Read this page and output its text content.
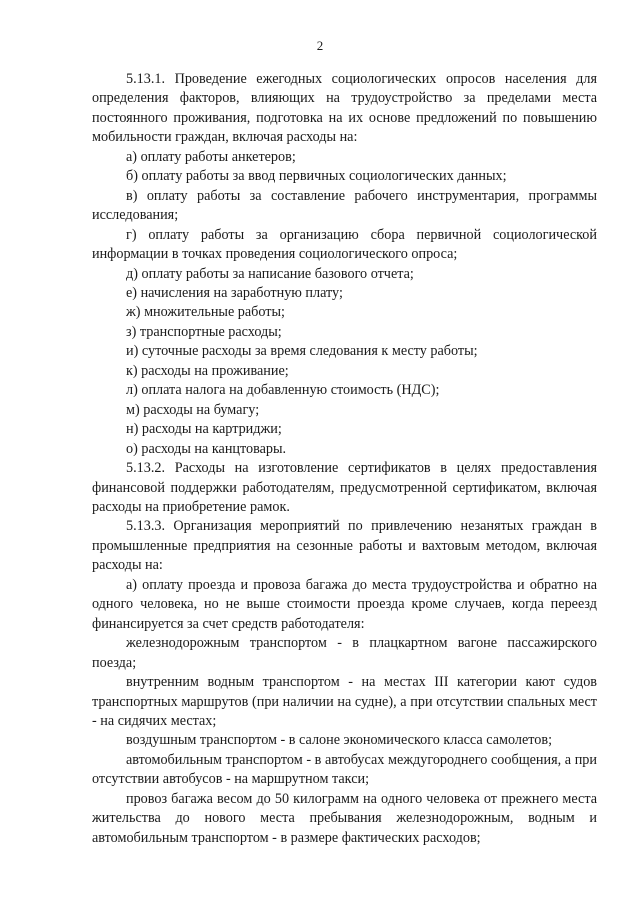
2

5.13.1. Проведение ежегодных социологических опросов населения для определения факторов, влияющих на трудоустройство за пределами места постоянного проживания, подготовка на их основе предложений по повышению мобильности граждан, включая расходы на:

а) оплату работы анкетеров;

б) оплату работы за ввод первичных социологических данных;

в) оплату работы за составление рабочего инструментария, программы исследования;

г) оплату работы за организацию сбора первичной социологической информации в точках проведения социологического опроса;

д) оплату работы за написание базового отчета;

е) начисления на заработную плату;

ж) множительные работы;

з) транспортные расходы;

и) суточные расходы за время следования к месту работы;

к) расходы на проживание;

л) оплата налога на добавленную стоимость (НДС);

м) расходы на бумагу;

н) расходы на картриджи;

о) расходы на канцтовары.

5.13.2. Расходы на изготовление сертификатов в целях предоставления финансовой поддержки работодателям, предусмотренной сертификатом, включая расходы на приобретение рамок.

5.13.3. Организация мероприятий по привлечению незанятых граждан в промышленные предприятия на сезонные работы и вахтовым методом, включая расходы на:

а) оплату проезда и провоза багажа до места трудоустройства и обратно на одного человека, но не выше стоимости проезда кроме случаев, когда переезд финансируется за счет средств работодателя:

железнодорожным транспортом - в плацкартном вагоне пассажирского поезда;

внутренним водным транспортом - на местах III категории кают судов транспортных маршрутов (при наличии на судне), а при отсутствии спальных мест - на сидячих местах;

воздушным транспортом - в салоне экономического класса самолетов;

автомобильным транспортом - в автобусах междугороднего сообщения, а при отсутствии автобусов - на маршрутном такси;

провоз багажа весом до 50 килограмм на одного человека от прежнего места жительства до нового места пребывания железнодорожным, водным и автомобильным транспортом - в размере фактических расходов;
